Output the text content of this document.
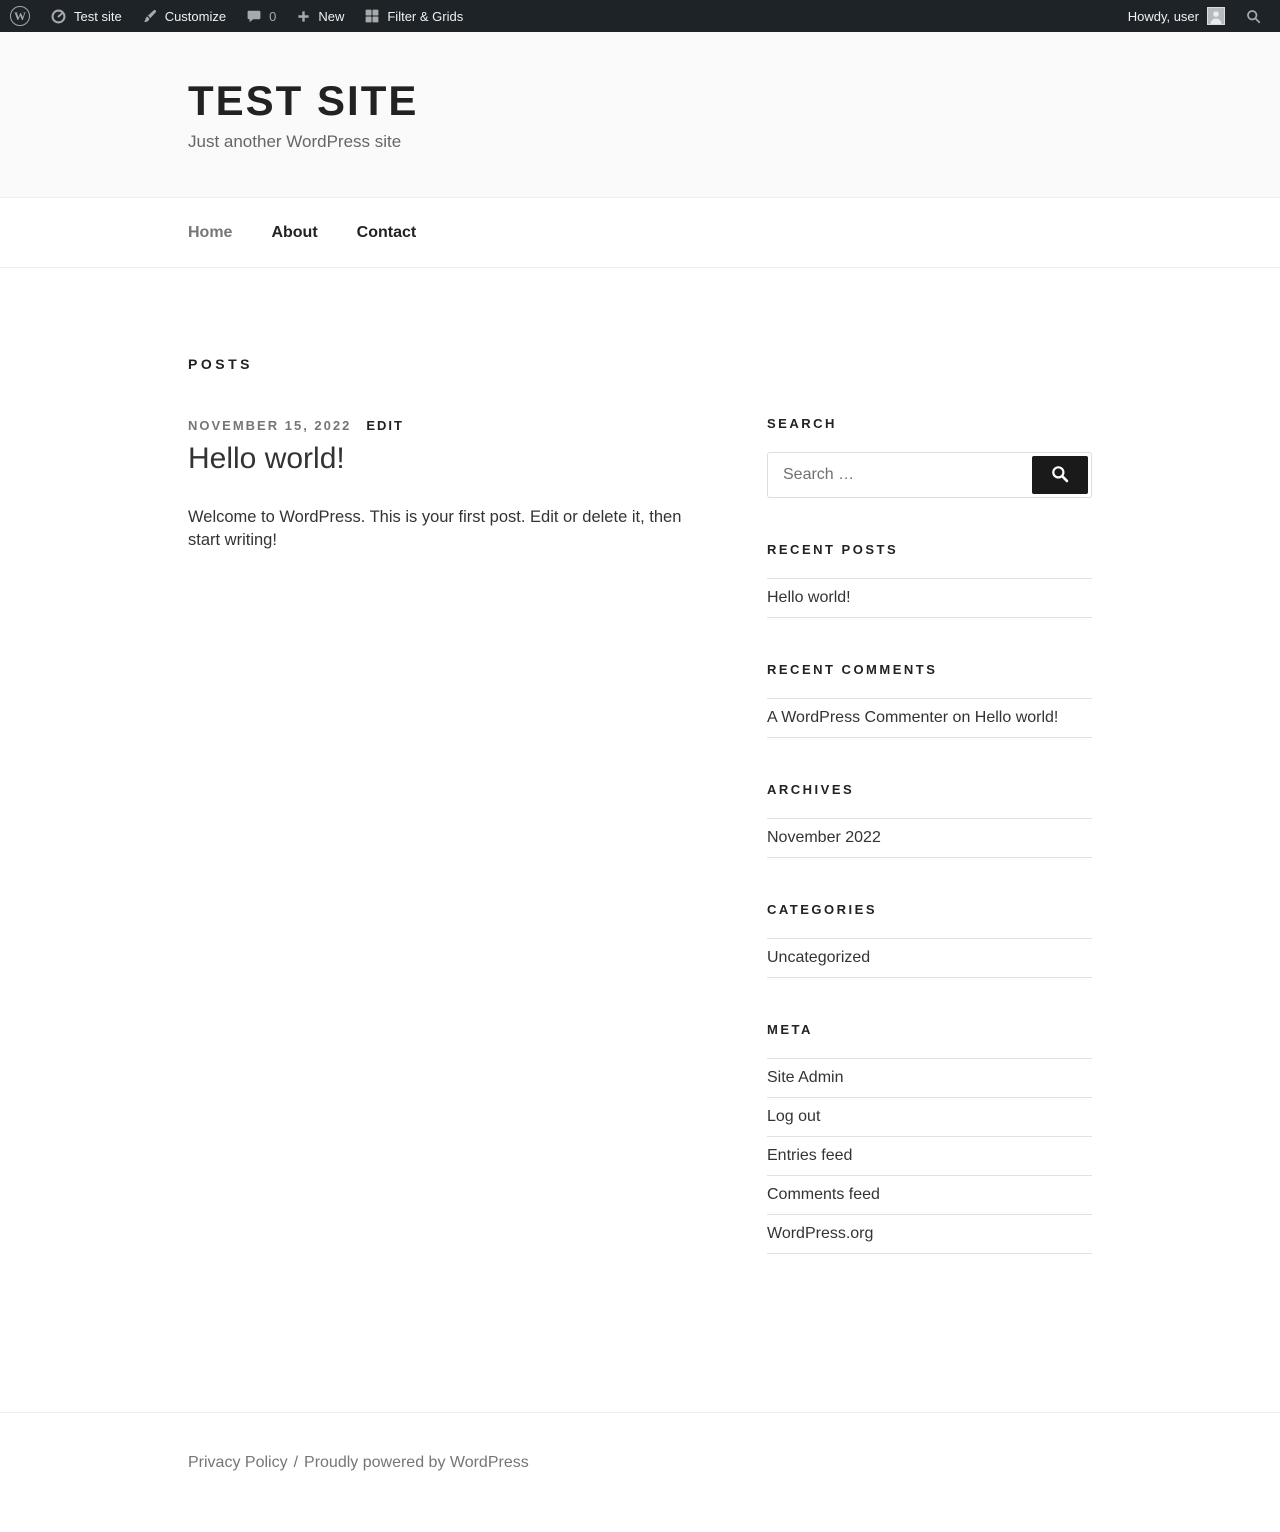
W	Test site	Customize	0	New	Filter & Grids	Howdy, user
TEST SITE
Just another WordPress site
Home About Contact
POSTS
NOVEMBER 15, 2022 EDIT
Hello world!

Welcome to WordPress. This is your first post. Edit or delete it, then start writing!

SEARCH
Search …
RECENT POSTS
Hello world!
RECENT COMMENTS
A WordPress Commenter on Hello world!
ARCHIVES
November 2022
CATEGORIES
Uncategorized
META
Site Admin
Log out
Entries feed
Comments feed
WordPress.org
Privacy Policy / Proudly powered by WordPress
